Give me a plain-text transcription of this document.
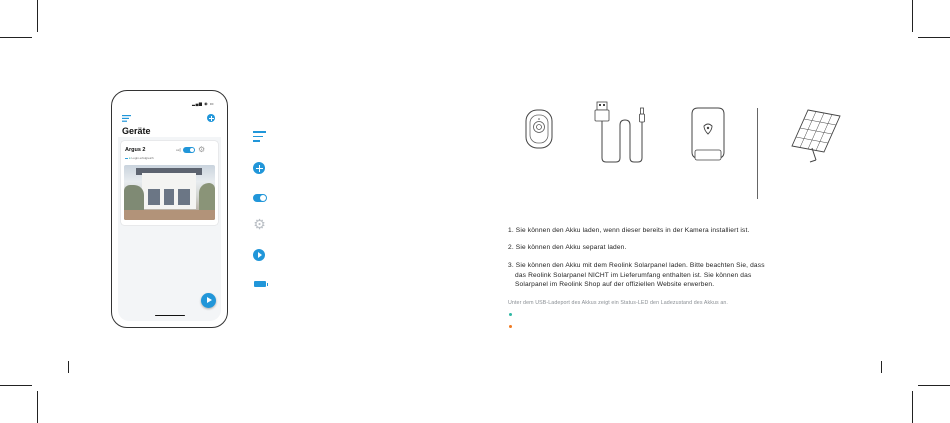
▂▄▆ ◉ ▭
Geräte
Argus 2	▭▯ ⚙
▬ ● Login erfolgreich
⚙	1. Sie können den Akku laden, wenn dieser bereits in der Kamera installiert ist.
2. Sie können den Akku separat laden.
3. Sie können den Akku mit dem Reolink Solarpanel laden. Bitte beachten Sie, dass
das Reolink Solarpanel NICHT im Lieferumfang enthalten ist. Sie können das
Solarpanel im Reolink Shop auf der offiziellen Website erwerben.
Unter dem USB-Ladeport des Akkus zeigt ein Status-LED den Ladezustand des Akkus an.
